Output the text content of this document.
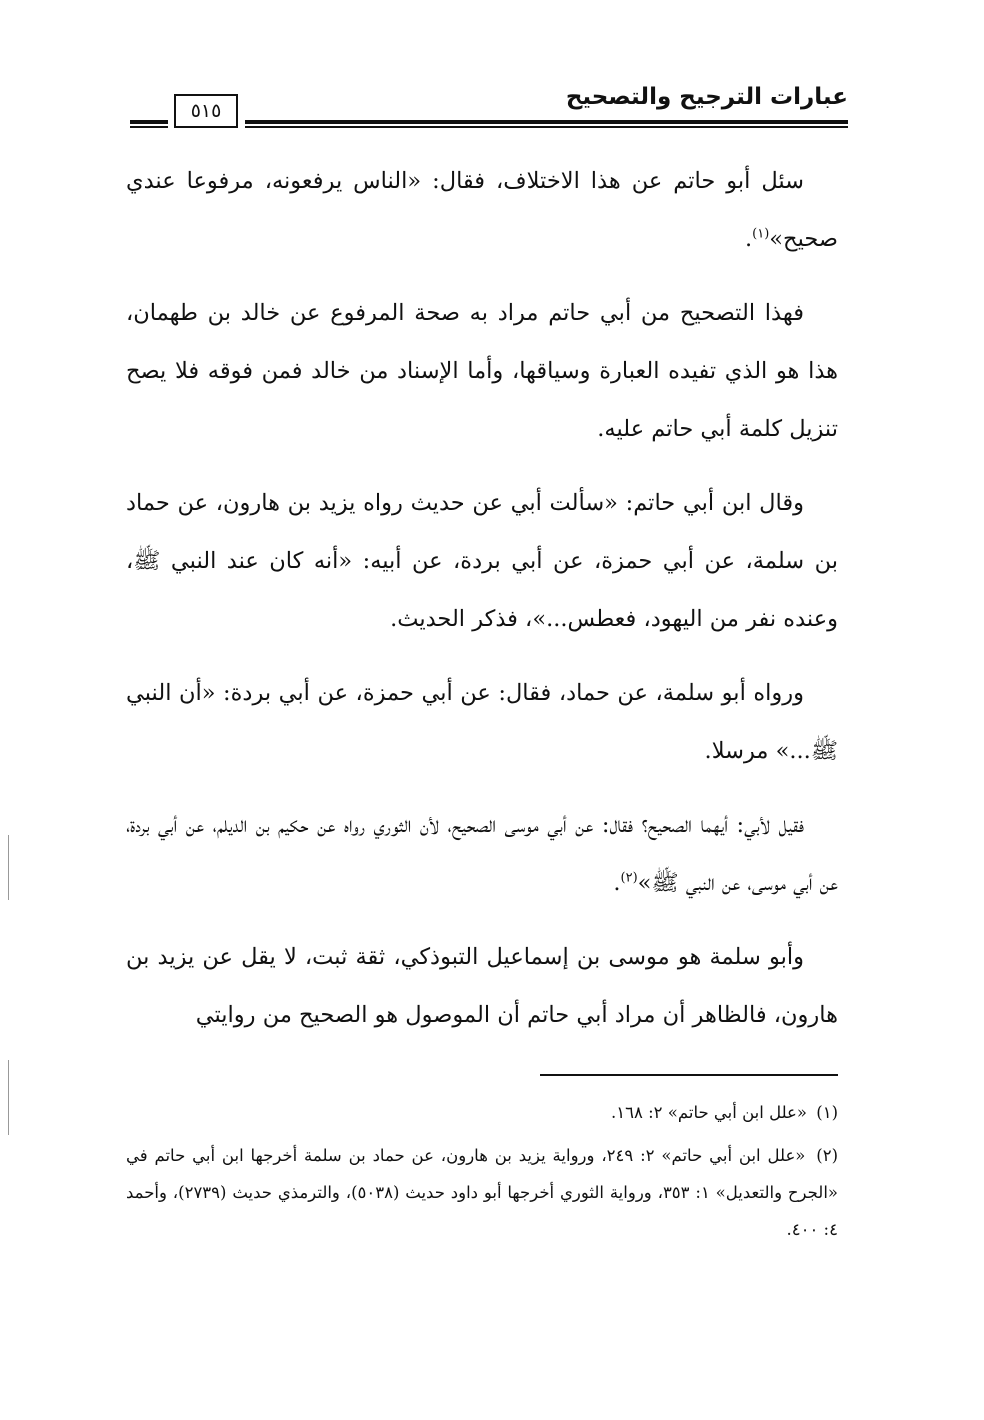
عبارات الترجيح والتصحيح
٥١٥

سئل أبو حاتم عن هذا الاختلاف، فقال: «الناس يرفعونه، مرفوعا عندي صحيح»$^{(١)}$.

فهذا التصحيح من أبي حاتم مراد به صحة المرفوع عن خالد بن طهمان، هذا هو الذي تفيده العبارة وسياقها، وأما الإسناد من خالد فمن فوقه فلا يصح تنزيل كلمة أبي حاتم عليه.

وقال ابن أبي حاتم: «سألت أبي عن حديث رواه يزيد بن هارون، عن حماد بن سلمة، عن أبي حمزة، عن أبي بردة، عن أبيه: «أنه كان عند النبي ﷺ، وعنده نفر من اليهود، فعطس...»، فذكر الحديث.

ورواه أبو سلمة، عن حماد، فقال: عن أبي حمزة، عن أبي بردة: «أن النبي ﷺ...» مرسلا.

فقيل لأبي: أيهما الصحيح؟ فقال: عن أبي موسى الصحيح، لأن الثوري رواه عن حكيم بن الديلم، عن أبي بردة، عن أبي موسى، عن النبي ﷺ»$^{(٢)}$.

وأبو سلمة هو موسى بن إسماعيل التبوذكي، ثقة ثبت، لا يقل عن يزيد بن هارون، فالظاهر أن مراد أبي حاتم أن الموصول هو الصحيح من روايتي

(١) «علل ابن أبي حاتم» ٢: ١٦٨.

(٢) «علل ابن أبي حاتم» ٢: ٢٤٩، ورواية يزيد بن هارون، عن حماد بن سلمة أخرجها ابن أبي حاتم في «الجرح والتعديل» ١: ٣٥٣، ورواية الثوري أخرجها أبو داود حديث (٥٠٣٨)، والترمذي حديث (٢٧٣٩)، وأحمد ٤: ٤٠٠.
